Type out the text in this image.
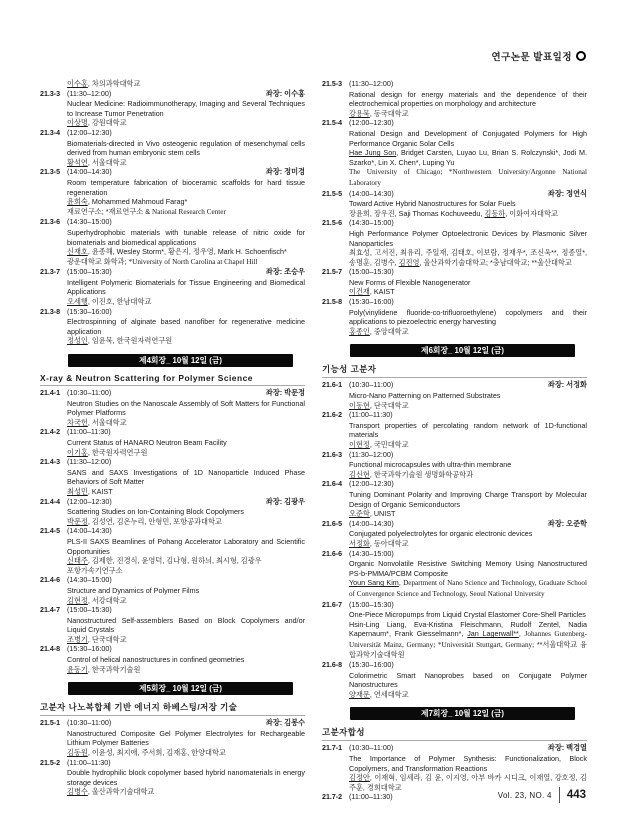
연구논문 발표일정
이수홍, 차의과학대학교
21.3-3 (11:30–12:00)	좌장: 이수홍
Nuclear Medicine: Radioimmunotherapy, Imaging and Several Techniques to Increase Tumor Penetration
이상명, 강원대학교
21.3-4 (12:00–12:30)
Biomaterials-directed in Vivo osteogenic regulation of mesenchymal cells derived from human embryonic stem cells
황석연, 서울대학교
21.3-5 (14:00–14:30)	좌장: 정미경
Room temperature fabrication of bioceramic scaffolds for hard tissue regeneration
윤희숙, Mohammed Mahmoud Farag*
재료연구소; *재료연구소 & National Research Center
21.3-6 (14:30–15:00)
Superhydrophobic materials with tunable release of nitric oxide for biomaterials and biomedical applications
신재호, 윤종해, Wesley Storm*, 황은지, 정우영, Mark H. Schoenfisch*
광운대학교 화학과; *University of North Carolina at Chapel Hill
21.3-7 (15:00–15:30)	좌장: 조승우
Intelligent Polymeric Biomaterials for Tissue Engineering and Biomedical Applications
오세행, 이진호, 한남대학교
21.3-8 (15:30–16:00)
Electrospinning of alginate based nanofiber for regenerative medicine application
정성인, 임윤묵, 한국원자력연구원
제4회장_ 10월 12일 (금)
X-ray & Neutron Scattering for Polymer Science
21.4-1 (10:30–11:00)	좌장: 박문정
Neutron Studies on the Nanoscale Assembly of Soft Matters for Functional Polymer Platforms
차국헌, 서울대학교
21.4-2 (11:00–11:30)
Current Status of HANARO Neutron Beam Facility
이기홍, 한국원자력연구원
21.4-3 (11:30–12:00)
SANS and SAXS Investigations of 1D Nanoparticle Induced Phase Behaviors of Soft Matter
최성민, KAIST
21.4-4 (12:00–12:30)	좌장: 김광우
Scattering Studies on Ion-Containing Block Copolymers
박문정, 김성연, 김온누리, 안형민, 포항공과대학교
21.4-5 (14:00–14:30)
PLS-II SAXS Beamlines of Pohang Accelerator Laboratory and Scientific Opportunities
신태주, 김제한, 진경식, 윤영덕, 김나형, 원하늬, 최시형, 김광우
포항가속기연구소
21.4-6 (14:30–15:00)
Structure and Dynamics of Polymer Films
김현정, 서강대학교
21.4-7 (15:00–15:30)
Nanostructured Self-assemblers Based on Block Copolymers and/or Liquid Crystals
조병기, 단국대학교
21.4-8 (15:30–16:00)
Control of helical nanostructures in confined geometries
윤동기, 한국과학기술원
제5회장_ 10월 12일 (금)
고분자 나노복합체 기반 에너지 하베스팅/저장 기술
21.5-1 (10:30–11:00)	좌장: 김봉수
Nanostructured Composite Gel Polymer Electrolytes for Rechargeable Lithium Polymer Batteries
김동원, 이윤성, 최지애, 주서희, 김재홍, 한양대학교
21.5-2 (11:00–11:30)
Double hydrophilic block copolymer based hybrid nanomaterials in energy storage devices
김병수, 울산과학기술대학교
21.5-3 (11:30–12:00)
Rational design for energy materials and the dependence of their electrochemical properties on morphology and architecture
강용묵, 동국대학교
21.5-4 (12:00–12:30)
Rational Design and Development of Conjugated Polymers for High Performance Organic Solar Cells
Hae Jung Son, Bridget Carsten, Luyao Lu, Brian S. Rolczynski*, Jodi M. Szarko*, Lin X. Chen*, Luping Yu
The University of Chicago; *Northwestern University/Argonne National Laboratory
21.5-5 (14:00–14:30)	좌장: 정연식
Toward Active Hybrid Nanostructures for Solar Fuels
장윤희, 장우진, Saji Thomas Kochuveedu, 김동하, 이화여자대학교
21.5-6 (14:30–15:00)
High Performance Polymer Optoelectronic Devices by Plasmonic Silver Nanoparticles
최효성, 고서진, 최유리, 주일재, 김태호, 이보람, 정재우*, 조신욱**, 정종열*, 송명훈, 김병수, 김진영, 울산과학기술대학교; *충남대학교; **울산대학교
21.5-7 (15:00–15:30)
New Forms of Flexible Nanogenerator
이건재, KAIST
21.5-8 (15:30–16:00)
Poly(vinylidene fluoride-co-trifluoroethylene) copolymers and their applications to piezoelectric energy harvesting
홍종인, 중앙대학교
제6회장_ 10월 12일 (금)
기능성 고분자
21.6-1 (10:30–11:00)	좌장: 서정화
Micro-Nano Patterning on Patterned Substrates
이동현, 단국대학교
21.6-2 (11:00–11:30)
Transport properties of percolating random network of 1D-functional materials
이현정, 국민대학교
21.6-3 (11:30–12:00)
Functional microcapsules with ultra-thin membrane
김신현, 한국과학기술원 생명화학공학과
21.6-4 (12:00–12:30)
Tuning Dominant Polarity and Improving Charge Transport by Molecular Design of Organic Semiconductors
오준학, UNIST
21.6-5 (14:00–14:30)	좌장: 오준학
Conjugated polyelectrolytes for organic electronic devices
서정화, 동아대학교
21.6-6 (14:30–15:00)
Organic Nonvolatile Resistive Switching Memory Using Nanostructured PS-b-PMMA/PCBM Composite
Youn Sang Kim, Department of Nano Science and Technology, Graduate School of Convergence Science and Technology, Seoul National University
21.6-7 (15:00–15:30)
One-Piece Micropumps from Liquid Crystal Elastomer Core-Shell Particles
Hsin-Ling Liang, Eva-Kristina Fleischmann, Rudolf Zentel, Nadia Kapernaum*, Frank Giesselmann*, Jan Lagerwall**, Johannes Gutenberg-Universität Mainz, Germany; *Universität Stuttgart, Germany; **서울대학교 융합과학기술대학원
21.6-8 (15:30–16:00)
Colorimetric Smart Nanoprobes based on Conjugate Polymer Nanostructures
양재문, 연세대학교
제7회장_ 10월 12일 (금)
고분자합성
21.7-1 (10:30–11:00)	좌장: 백경열
The Importance of Polymer Synthesis: Functionalization, Block Copolymers, and Transformation Reactions
김정안, 이재혁, 임세라, 김 윤, 이지영, 아부 바카 시디크, 이재열, 강호정, 김주훈, 경희대학교
21.7-2 (11:00–11:30)	Vol. 23, NO. 4 443
